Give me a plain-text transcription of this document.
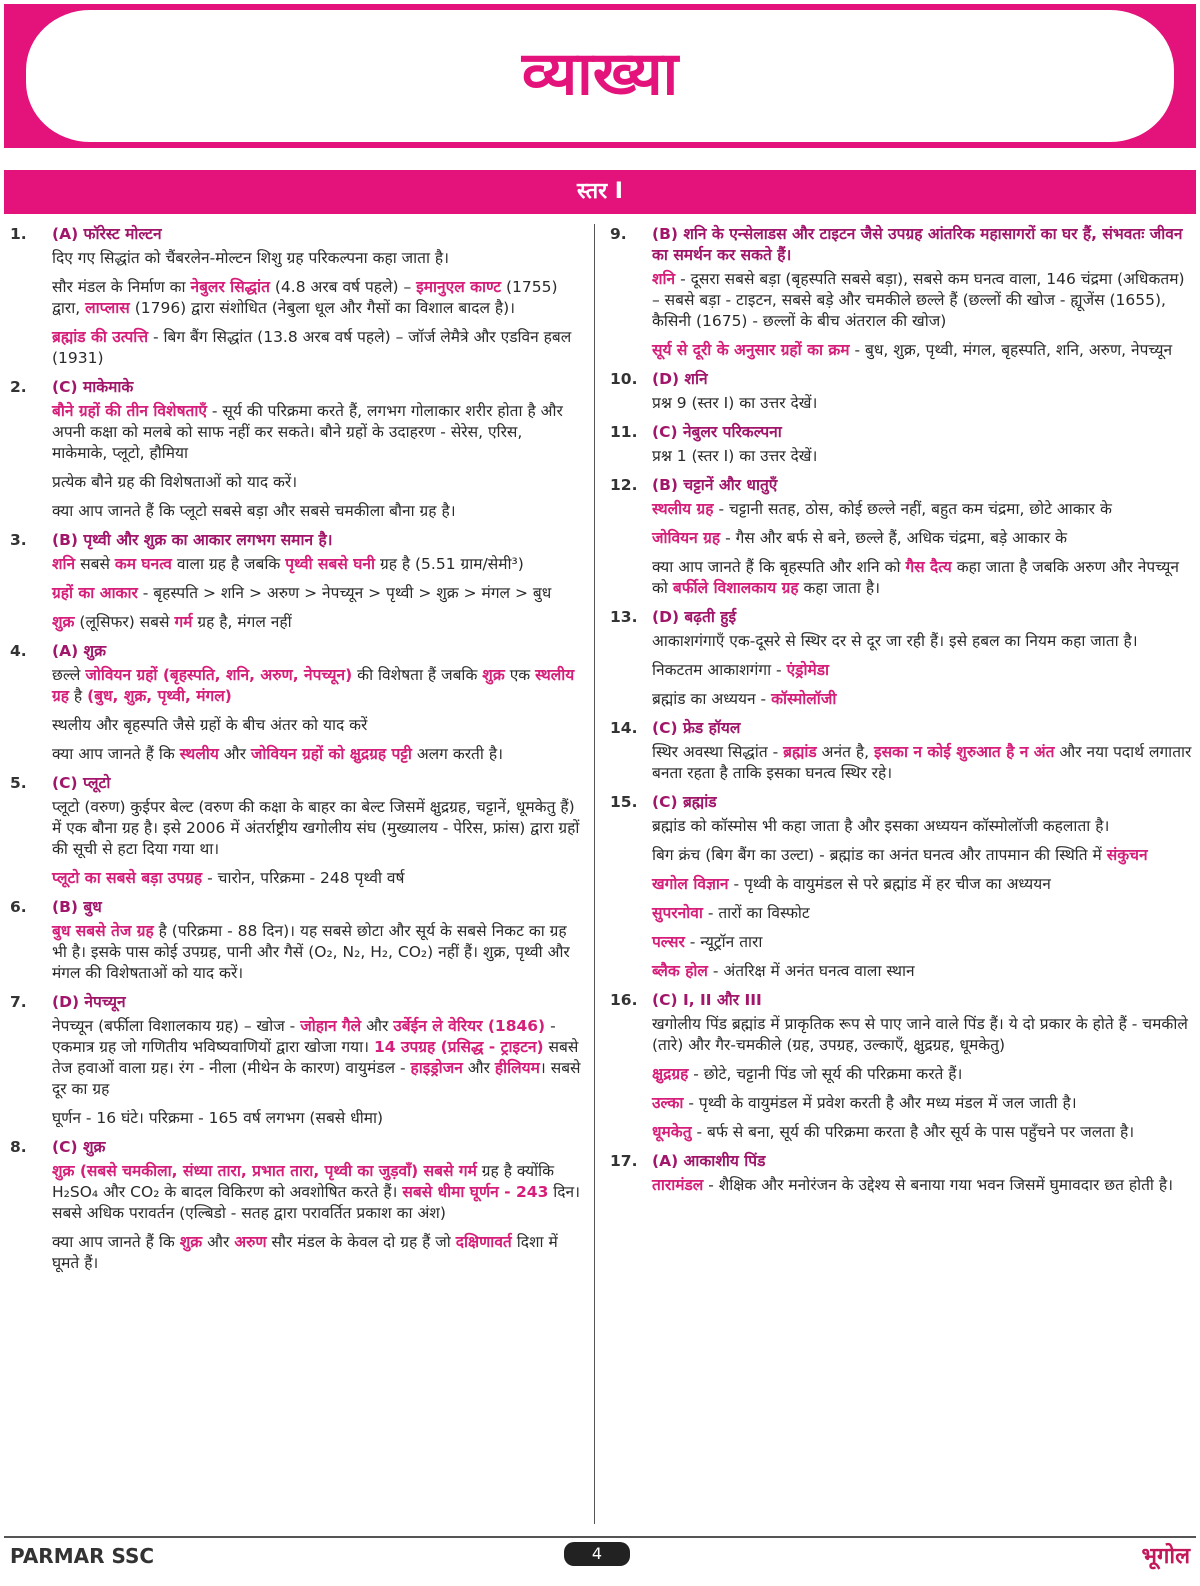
व्याख्या
स्तर I
1.	(A) फॉरेस्ट मोल्टन
दिए गए सिद्धांत को चैंबरलेन-मोल्टन शिशु ग्रह परिकल्पना कहा जाता है।
सौर मंडल के निर्माण का नेबुलर सिद्धांत (4.8 अरब वर्ष पहले) – इमानुएल काण्ट (1755) द्वारा, लाप्लास (1796) द्वारा संशोधित (नेबुला धूल और गैसों का विशाल बादल है)।
ब्रह्मांड की उत्पत्ति - बिग बैंग सिद्धांत (13.8 अरब वर्ष पहले) – जॉर्ज लेमैत्रे और एडविन हबल (1931)
2.	(C) माकेमाके
बौने ग्रहों की तीन विशेषताएँ - सूर्य की परिक्रमा करते हैं, लगभग गोलाकार शरीर होता है और अपनी कक्षा को मलबे को साफ नहीं कर सकते। बौने ग्रहों के उदाहरण - सेरेस, एरिस, माकेमाके, प्लूटो, हौमिया
प्रत्येक बौने ग्रह की विशेषताओं को याद करें।
क्या आप जानते हैं कि प्लूटो सबसे बड़ा और सबसे चमकीला बौना ग्रह है।
3.	(B) पृथ्वी और शुक्र का आकार लगभग समान है।
शनि सबसे कम घनत्व वाला ग्रह है जबकि पृथ्वी सबसे घनी ग्रह है (5.51 ग्राम/सेमी³)
ग्रहों का आकार - बृहस्पति > शनि > अरुण > नेपच्यून > पृथ्वी > शुक्र > मंगल > बुध
शुक्र (लूसिफर) सबसे गर्म ग्रह है, मंगल नहीं
4.	(A) शुक्र
छल्ले जोवियन ग्रहों (बृहस्पति, शनि, अरुण, नेपच्यून) की विशेषता हैं जबकि शुक्र एक स्थलीय ग्रह है (बुध, शुक्र, पृथ्वी, मंगल)
स्थलीय और बृहस्पति जैसे ग्रहों के बीच अंतर को याद करें
क्या आप जानते हैं कि स्थलीय और जोवियन ग्रहों को क्षुद्रग्रह पट्टी अलग करती है।
5.	(C) प्लूटो
प्लूटो (वरुण) कुईपर बेल्ट (वरुण की कक्षा के बाहर का बेल्ट जिसमें क्षुद्रग्रह, चट्टानें, धूमकेतु हैं) में एक बौना ग्रह है। इसे 2006 में अंतर्राष्ट्रीय खगोलीय संघ (मुख्यालय - पेरिस, फ्रांस) द्वारा ग्रहों की सूची से हटा दिया गया था।
प्लूटो का सबसे बड़ा उपग्रह - चारोन, परिक्रमा - 248 पृथ्वी वर्ष
6.	(B) बुध
बुध सबसे तेज ग्रह है (परिक्रमा - 88 दिन)। यह सबसे छोटा और सूर्य के सबसे निकट का ग्रह भी है। इसके पास कोई उपग्रह, पानी और गैसें (O₂, N₂, H₂, CO₂) नहीं हैं। शुक्र, पृथ्वी और मंगल की विशेषताओं को याद करें।
7.	(D) नेपच्यून
नेपच्यून (बर्फीला विशालकाय ग्रह) – खोज - जोहान गैले और उर्बेईन ले वेरियर (1846) - एकमात्र ग्रह जो गणितीय भविष्यवाणियों द्वारा खोजा गया। 14 उपग्रह (प्रसिद्ध - ट्राइटन) सबसे तेज हवाओं वाला ग्रह। रंग - नीला (मीथेन के कारण) वायुमंडल - हाइड्रोजन और हीलियम। सबसे दूर का ग्रह
घूर्णन - 16 घंटे। परिक्रमा - 165 वर्ष लगभग (सबसे धीमा)
8.	(C) शुक्र
शुक्र (सबसे चमकीला, संध्या तारा, प्रभात तारा, पृथ्वी का जुड़वाँ) सबसे गर्म ग्रह है क्योंकि H₂SO₄ और CO₂ के बादल विकिरण को अवशोषित करते हैं। सबसे धीमा घूर्णन - 243 दिन। सबसे अधिक परावर्तन (एल्बिडो - सतह द्वारा परावर्तित प्रकाश का अंश)
क्या आप जानते हैं कि शुक्र और अरुण सौर मंडल के केवल दो ग्रह हैं जो दक्षिणावर्त दिशा में घूमते हैं।
9.	(B) शनि के एन्सेलाडस और टाइटन जैसे उपग्रह आंतरिक महासागरों का घर हैं, संभवतः जीवन का समर्थन कर सकते हैं।
शनि - दूसरा सबसे बड़ा (बृहस्पति सबसे बड़ा), सबसे कम घनत्व वाला, 146 चंद्रमा (अधिकतम) – सबसे बड़ा - टाइटन, सबसे बड़े और चमकीले छल्ले हैं (छल्लों की खोज - ह्यूजेंस (1655), कैसिनी (1675) - छल्लों के बीच अंतराल की खोज)
सूर्य से दूरी के अनुसार ग्रहों का क्रम - बुध, शुक्र, पृथ्वी, मंगल, बृहस्पति, शनि, अरुण, नेपच्यून
10. (D) शनि
प्रश्न 9 (स्तर I) का उत्तर देखें।
11. (C) नेबुलर परिकल्पना
प्रश्न 1 (स्तर I) का उत्तर देखें।
12. (B) चट्टानें और धातुएँ
स्थलीय ग्रह - चट्टानी सतह, ठोस, कोई छल्ले नहीं, बहुत कम चंद्रमा, छोटे आकार के
जोवियन ग्रह - गैस और बर्फ से बने, छल्ले हैं, अधिक चंद्रमा, बड़े आकार के
क्या आप जानते हैं कि बृहस्पति और शनि को गैस दैत्य कहा जाता है जबकि अरुण और नेपच्यून को बर्फीले विशालकाय ग्रह कहा जाता है।
13. (D) बढ़ती हुई
आकाशगंगाएँ एक-दूसरे से स्थिर दर से दूर जा रही हैं। इसे हबल का नियम कहा जाता है।
निकटतम आकाशगंगा - एंड्रोमेडा
ब्रह्मांड का अध्ययन - कॉस्मोलॉजी
14. (C) फ्रेड हॉयल
स्थिर अवस्था सिद्धांत - ब्रह्मांड अनंत है, इसका न कोई शुरुआत है न अंत और नया पदार्थ लगातार बनता रहता है ताकि इसका घनत्व स्थिर रहे।
15. (C) ब्रह्मांड
ब्रह्मांड को कॉस्मोस भी कहा जाता है और इसका अध्ययन कॉस्मोलॉजी कहलाता है।
बिग क्रंच (बिग बैंग का उल्टा) - ब्रह्मांड का अनंत घनत्व और तापमान की स्थिति में संकुचन
खगोल विज्ञान - पृथ्वी के वायुमंडल से परे ब्रह्मांड में हर चीज का अध्ययन
सुपरनोवा - तारों का विस्फोट
पल्सर - न्यूट्रॉन तारा
ब्लैक होल - अंतरिक्ष में अनंत घनत्व वाला स्थान
16. (C) I, II और III
खगोलीय पिंड ब्रह्मांड में प्राकृतिक रूप से पाए जाने वाले पिंड हैं। ये दो प्रकार के होते हैं - चमकीले (तारे) और गैर-चमकीले (ग्रह, उपग्रह, उल्काएँ, क्षुद्रग्रह, धूमकेतु)
क्षुद्रग्रह - छोटे, चट्टानी पिंड जो सूर्य की परिक्रमा करते हैं।
उल्का - पृथ्वी के वायुमंडल में प्रवेश करती है और मध्य मंडल में जल जाती है।
धूमकेतु - बर्फ से बना, सूर्य की परिक्रमा करता है और सूर्य के पास पहुँचने पर जलता है।
17. (A) आकाशीय पिंड
तारामंडल - शैक्षिक और मनोरंजन के उद्देश्य से बनाया गया भवन जिसमें घुमावदार छत होती है।
PARMAR SSC	4	भूगोल
